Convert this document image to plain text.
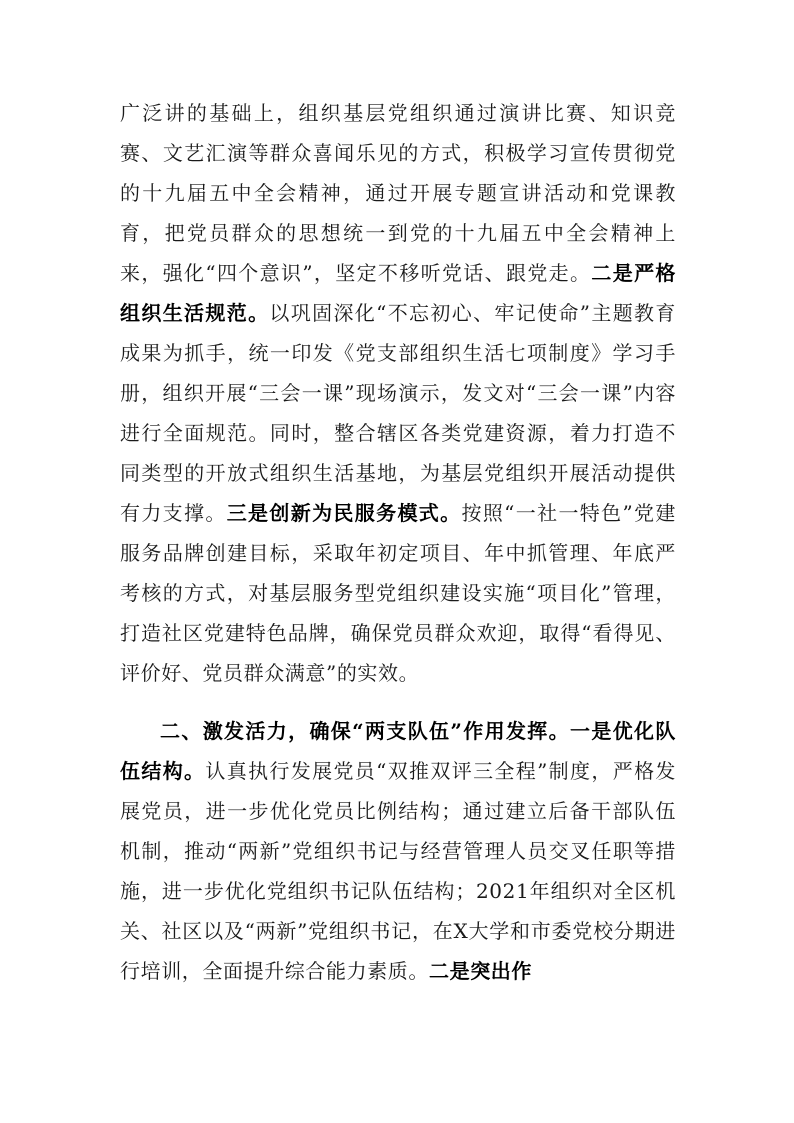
广泛讲的基础上，组织基层党组织通过演讲比赛、知识竞赛、文艺汇演等群众喜闻乐见的方式，积极学习宣传贯彻党的十九届五中全会精神，通过开展专题宣讲活动和党课教育，把党员群众的思想统一到党的十九届五中全会精神上来，强化“四个意识”，坚定不移听党话、跟党走。二是严格组织生活规范。以巩固深化“不忘初心、牢记使命”主题教育成果为抓手，统一印发《党支部组织生活七项制度》学习手册，组织开展“三会一课”现场演示，发文对“三会一课”内容进行全面规范。同时，整合辖区各类党建资源，着力打造不同类型的开放式组织生活基地，为基层党组织开展活动提供有力支撑。三是创新为民服务模式。按照“一社一特色”党建服务品牌创建目标，采取年初定项目、年中抓管理、年底严考核的方式，对基层服务型党组织建设实施“项目化”管理，打造社区党建特色品牌，确保党员群众欢迎，取得“看得见、评价好、党员群众满意”的实效。

二、激发活力，确保“两支队伍”作用发挥。一是优化队伍结构。认真执行发展党员“双推双评三全程”制度，严格发展党员，进一步优化党员比例结构；通过建立后备干部队伍机制，推动“两新”党组织书记与经营管理人员交叉任职等措施，进一步优化党组织书记队伍结构；2021年组织对全区机关、社区以及“两新”党组织书记，在X大学和市委党校分期进行培训，全面提升综合能力素质。二是突出作
